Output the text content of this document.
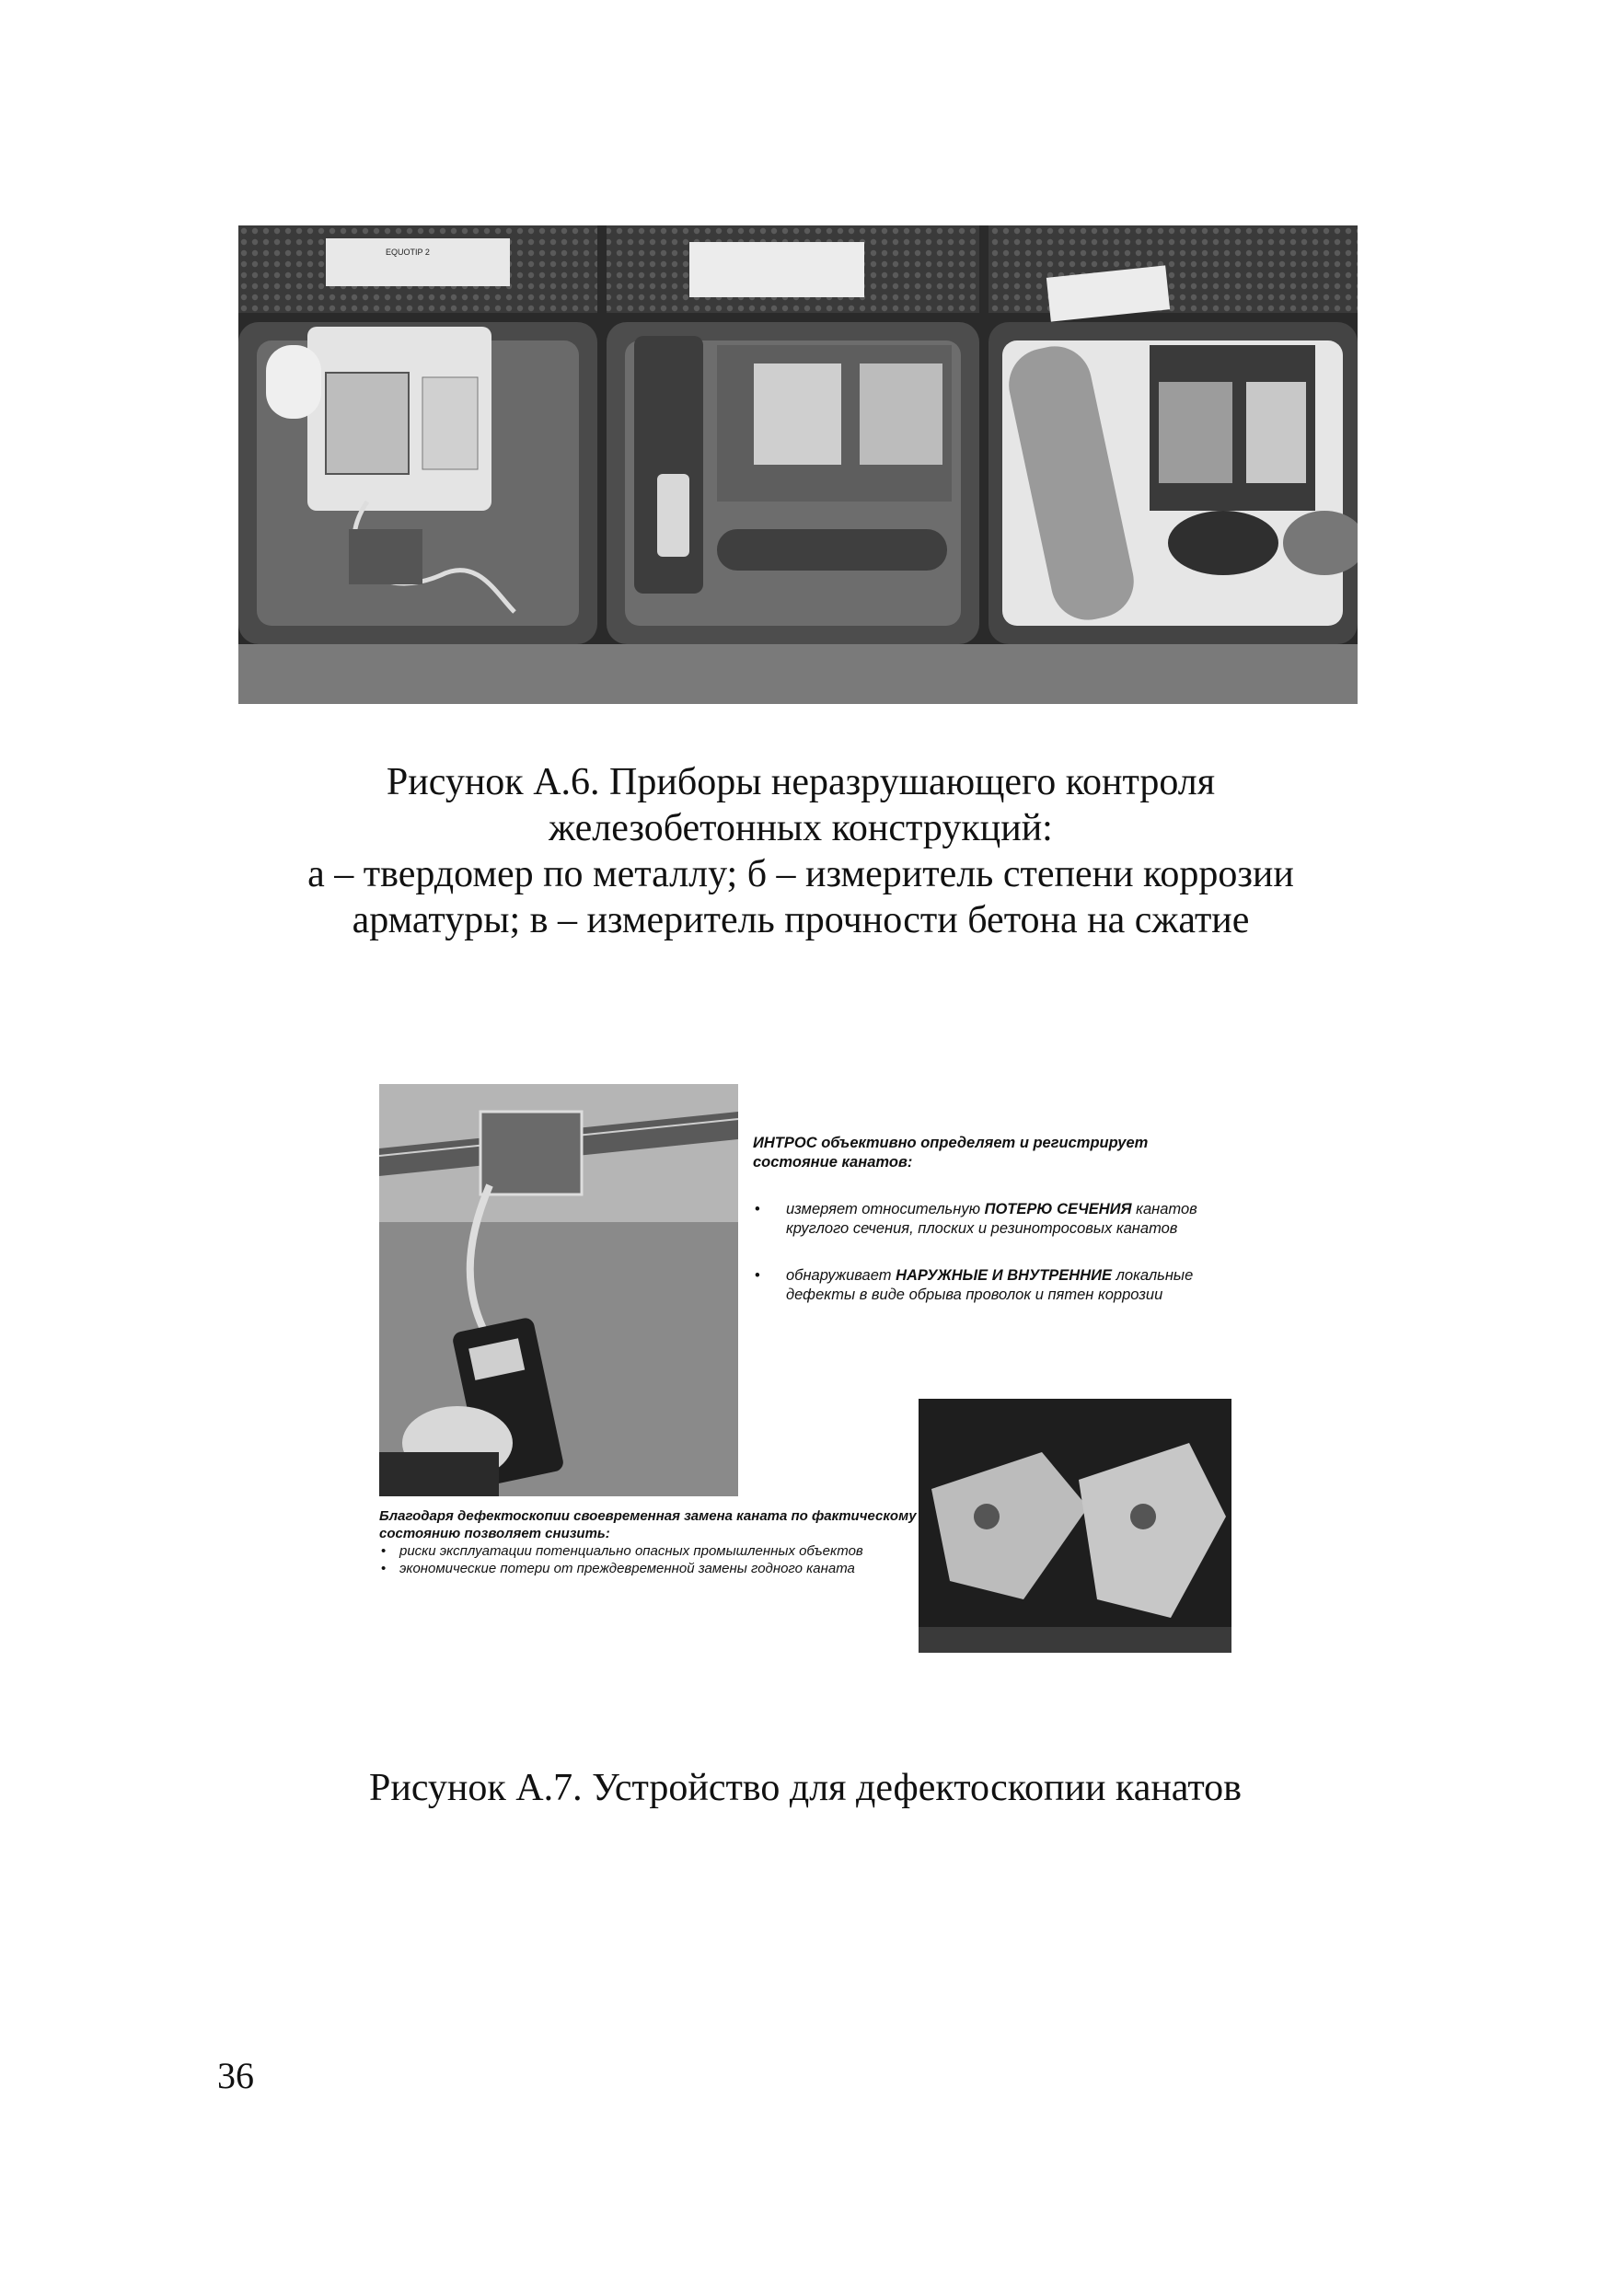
EQUOTIP 2
Рисунок А.6. Приборы неразрушающего контроля
железобетонных конструкций:
а – твердомер по металлу; б – измеритель степени коррозии
арматуры; в – измеритель прочности бетона на сжатие
ИНТРОС объективно определяет и регистрирует состояние канатов:
• измеряет относительную ПОТЕРЮ СЕЧЕНИЯ канатов круглого сечения, плоских и резинотросовых канатов
• обнаруживает НАРУЖНЫЕ И ВНУТРЕННИЕ локальные дефекты в виде обрыва проволок и пятен коррозии
Благодаря дефектоскопии своевременная замена каната по фактическому состоянию позволяет снизить:
• риски эксплуатации потенциально опасных промышленных объектов
• экономические потери от преждевременной замены годного каната
Рисунок А.7. Устройство для дефектоскопии канатов
36
